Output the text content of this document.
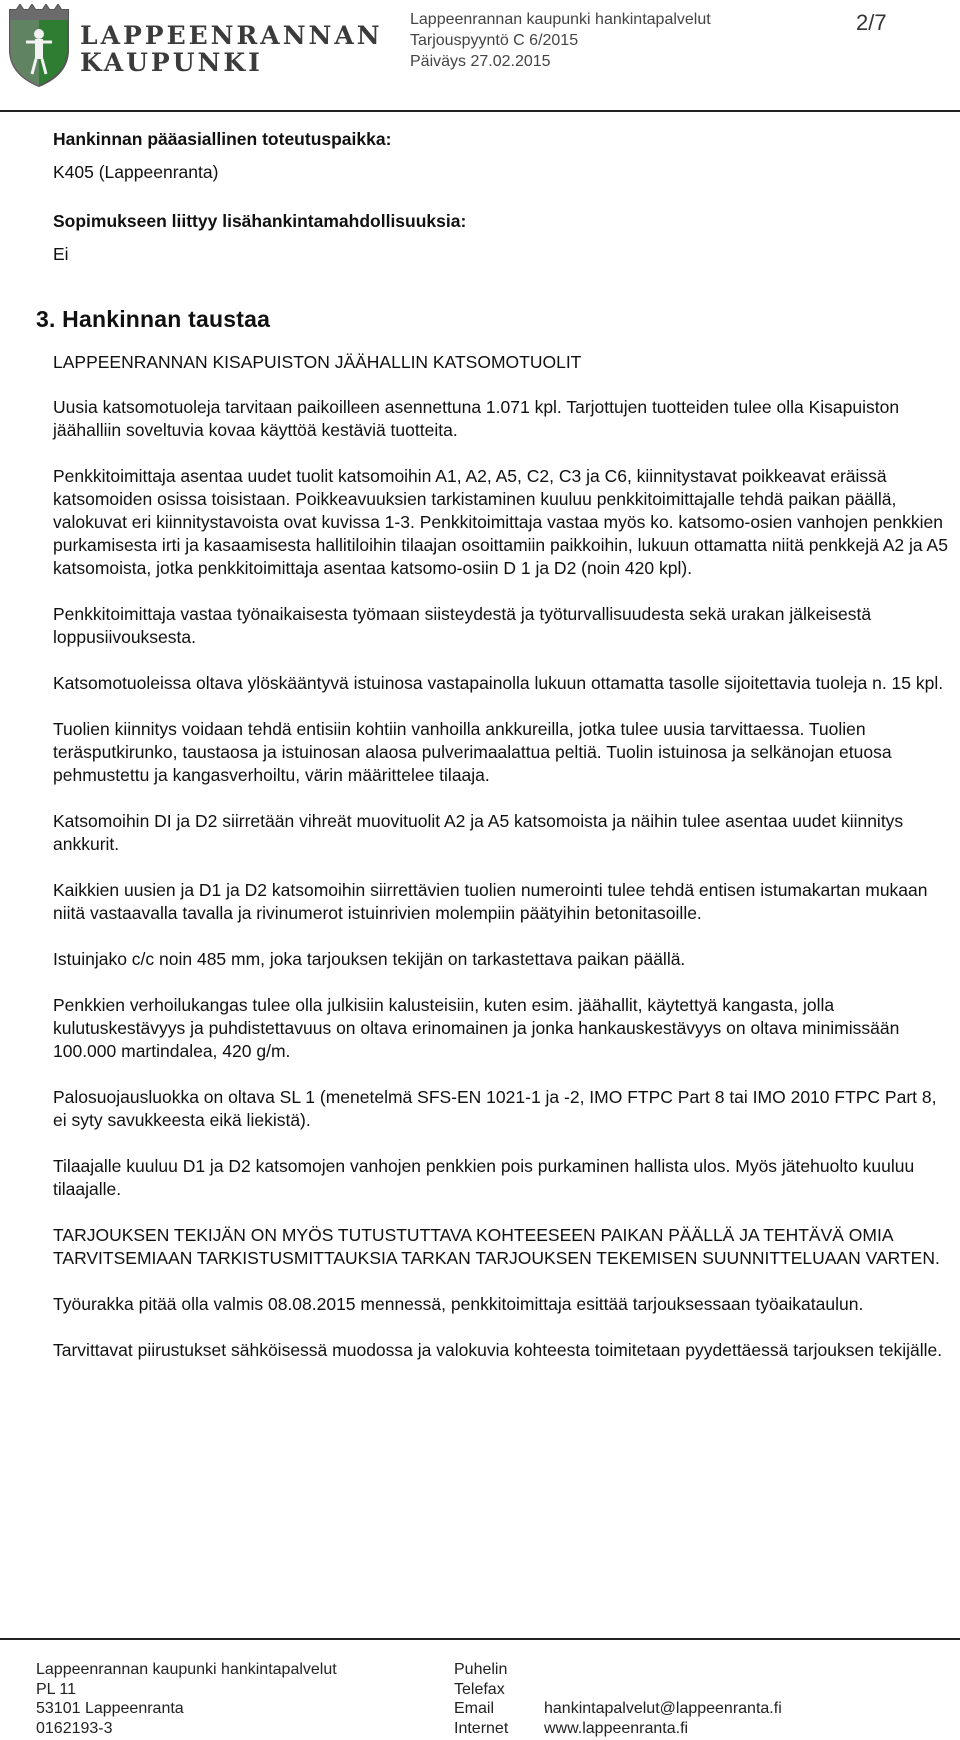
LAPPEENRANNAN
KAUPUNKI
Lappeenrannan kaupunki hankintapalvelut
Tarjouspyyntö C 6/2015
Päiväys 27.02.2015
2/7

Hankinnan pääasiallinen toteutuspaikka:

K405 (Lappeenranta)

Sopimukseen liittyy lisähankintamahdollisuuksia:

Ei

3. Hankinnan taustaa

LAPPEENRANNAN KISAPUISTON JÄÄHALLIN KATSOMOTUOLIT

Uusia katsomotuoleja tarvitaan paikoilleen asennettuna 1.071 kpl. Tarjottujen tuotteiden tulee olla Kisapuiston jäähalliin soveltuvia kovaa käyttöä kestäviä tuotteita.

Penkkitoimittaja asentaa uudet tuolit katsomoihin A1, A2, A5, C2, C3 ja C6, kiinnitystavat poikkeavat eräissä katsomoiden osissa toisistaan. Poikkeavuuksien tarkistaminen kuuluu penkkitoimittajalle tehdä paikan päällä, valokuvat eri kiinnitystavoista ovat kuvissa 1-3. Penkkitoimittaja vastaa myös ko. katsomo-osien vanhojen penkkien purkamisesta irti ja kasaamisesta hallitiloihin tilaajan osoittamiin paikkoihin, lukuun ottamatta niitä penkkejä A2 ja A5 katsomoista, jotka penkkitoimittaja asentaa katsomo-osiin D 1 ja D2 (noin 420 kpl).

Penkkitoimittaja vastaa työnaikaisesta työmaan siisteydestä ja työturvallisuudesta sekä urakan jälkeisestä loppusiivouksesta.

Katsomotuoleissa oltava ylöskääntyvä istuinosa vastapainolla lukuun ottamatta tasolle sijoitettavia tuoleja n. 15 kpl.

Tuolien kiinnitys voidaan tehdä entisiin kohtiin vanhoilla ankkureilla, jotka tulee uusia tarvittaessa. Tuolien teräsputkirunko, taustaosa ja istuinosan alaosa pulverimaalattua peltiä. Tuolin istuinosa ja selkänojan etuosa pehmustettu ja kangasverhoiltu, värin määrittelee tilaaja.

Katsomoihin DI ja D2 siirretään vihreät muovituolit A2 ja A5 katsomoista ja näihin tulee asentaa uudet kiinnitys ankkurit.

Kaikkien uusien ja D1 ja D2 katsomoihin siirrettävien tuolien numerointi tulee tehdä entisen istumakartan mukaan niitä vastaavalla tavalla ja rivinumerot istuinrivien molempiin päätyihin betonitasoille.

Istuinjako c/c noin 485 mm, joka tarjouksen tekijän on tarkastettava paikan päällä.

Penkkien verhoilukangas tulee olla julkisiin kalusteisiin, kuten esim. jäähallit, käytettyä kangasta, jolla kulutuskestävyys ja puhdistettavuus on oltava erinomainen ja jonka hankauskestävyys on oltava minimissään 100.000 martindalea, 420 g/m.

Palosuojausluokka on oltava SL 1 (menetelmä SFS-EN 1021-1 ja -2, IMO FTPC Part 8 tai IMO 2010 FTPC Part 8, ei syty savukkeesta eikä liekistä).

Tilaajalle kuuluu D1 ja D2 katsomojen vanhojen penkkien pois purkaminen hallista ulos. Myös jätehuolto kuuluu tilaajalle.

TARJOUKSEN TEKIJÄN ON MYÖS TUTUSTUTTAVA KOHTEESEEN PAIKAN PÄÄLLÄ JA TEHTÄVÄ OMIA TARVITSEMIAAN TARKISTUSMITTAUKSIA TARKAN TARJOUKSEN TEKEMISEN SUUNNITTELUAAN VARTEN.

Työurakka pitää olla valmis 08.08.2015 mennessä, penkkitoimittaja esittää tarjouksessaan työaikataulun.

Tarvittavat piirustukset sähköisessä muodossa ja valokuvia kohteesta toimitetaan pyydettäessä tarjouksen tekijälle.

Lappeenrannan kaupunki hankintapalvelut
PL 11
53101 Lappeenranta
0162193-3
Puhelin
Telefax
Email
Internet
hankintapalvelut@lappeenranta.fi
www.lappeenranta.fi
